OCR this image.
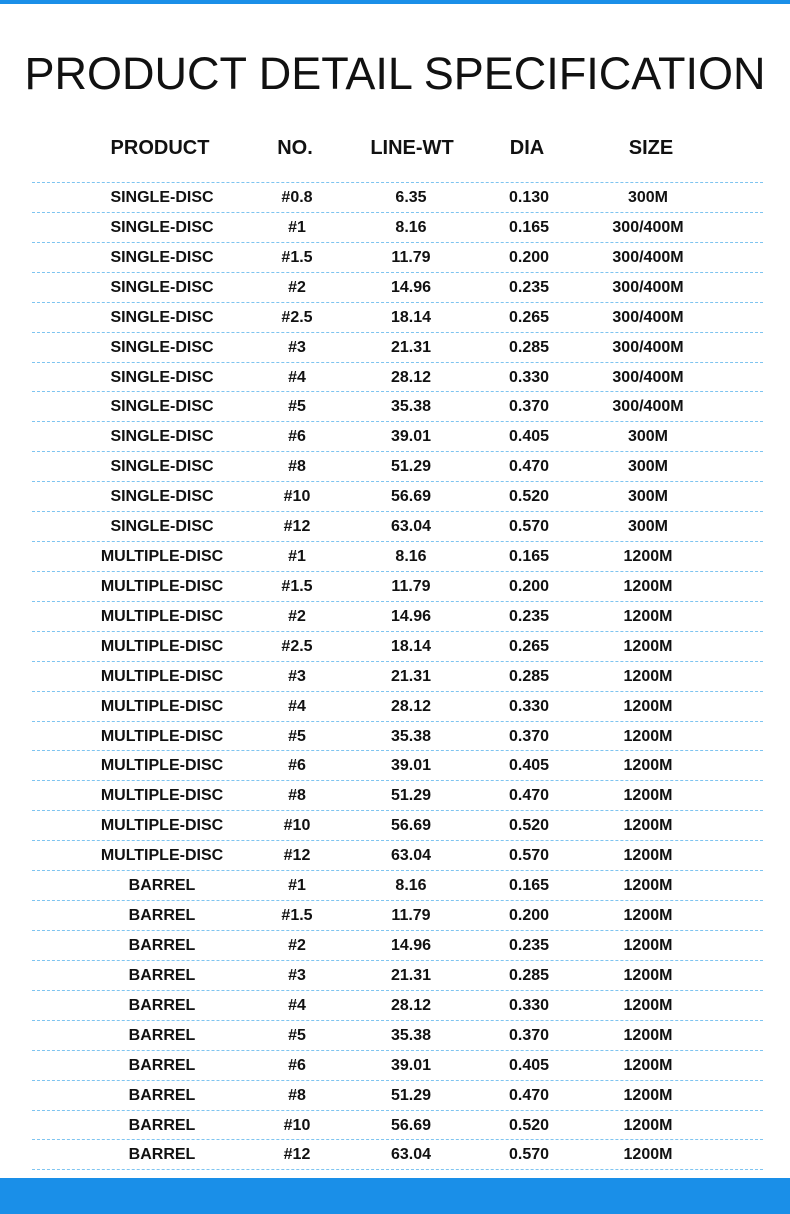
PRODUCT DETAIL SPECIFICATION
PRODUCT	NO.	LINE-WT	DIA	SIZE
SINGLE-DISC	#0.8	6.35	0.130	300M
SINGLE-DISC	#1	8.16	0.165	300/400M
SINGLE-DISC	#1.5	11.79	0.200	300/400M
SINGLE-DISC	#2	14.96	0.235	300/400M
SINGLE-DISC	#2.5	18.14	0.265	300/400M
SINGLE-DISC	#3	21.31	0.285	300/400M
SINGLE-DISC	#4	28.12	0.330	300/400M
SINGLE-DISC	#5	35.38	0.370	300/400M
SINGLE-DISC	#6	39.01	0.405	300M
SINGLE-DISC	#8	51.29	0.470	300M
SINGLE-DISC	#10	56.69	0.520	300M
SINGLE-DISC	#12	63.04	0.570	300M
MULTIPLE-DISC	#1	8.16	0.165	1200M
MULTIPLE-DISC	#1.5	11.79	0.200	1200M
MULTIPLE-DISC	#2	14.96	0.235	1200M
MULTIPLE-DISC	#2.5	18.14	0.265	1200M
MULTIPLE-DISC	#3	21.31	0.285	1200M
MULTIPLE-DISC	#4	28.12	0.330	1200M
MULTIPLE-DISC	#5	35.38	0.370	1200M
MULTIPLE-DISC	#6	39.01	0.405	1200M
MULTIPLE-DISC	#8	51.29	0.470	1200M
MULTIPLE-DISC	#10	56.69	0.520	1200M
MULTIPLE-DISC	#12	63.04	0.570	1200M
BARREL	#1	8.16	0.165	1200M
BARREL	#1.5	11.79	0.200	1200M
BARREL	#2	14.96	0.235	1200M
BARREL	#3	21.31	0.285	1200M
BARREL	#4	28.12	0.330	1200M
BARREL	#5	35.38	0.370	1200M
BARREL	#6	39.01	0.405	1200M
BARREL	#8	51.29	0.470	1200M
BARREL	#10	56.69	0.520	1200M
BARREL	#12	63.04	0.570	1200M
